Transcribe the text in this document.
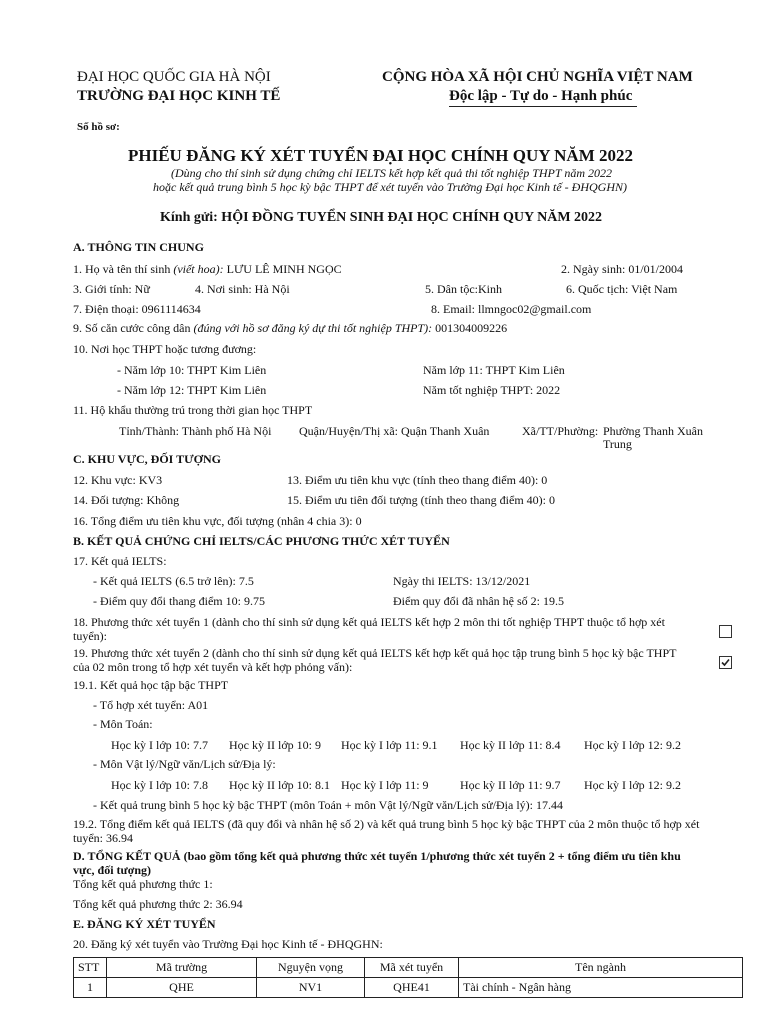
ĐẠI HỌC QUỐC GIA HÀ NỘI
TRƯỜNG ĐẠI HỌC KINH TẾ
CỘNG HÒA XÃ HỘI CHỦ NGHĨA VIỆT NAM
Độc lập - Tự do - Hạnh phúc
Số hồ sơ:
PHIẾU ĐĂNG KÝ XÉT TUYỂN ĐẠI HỌC CHÍNH QUY NĂM 2022
(Dùng cho thí sinh sử dụng chứng chỉ IELTS kết hợp kết quả thi tốt nghiệp THPT năm 2022
hoặc kết quả trung bình 5 học kỳ bậc THPT để xét tuyển vào Trường Đại học Kinh tế - ĐHQGHN)
Kính gửi: HỘI ĐỒNG TUYỂN SINH ĐẠI HỌC CHÍNH QUY NĂM 2022
A. THÔNG TIN CHUNG
1. Họ và tên thí sinh (viết hoa): LƯU LÊ MINH NGỌC	2. Ngày sinh: 01/01/2004
3. Giới tính: Nữ	4. Nơi sinh: Hà Nội	5. Dân tộc:Kinh	6. Quốc tịch: Việt Nam
7. Điện thoại: 0961114634	8. Email: llmngoc02@gmail.com
9. Số căn cước công dân (đúng với hồ sơ đăng ký dự thi tốt nghiệp THPT): 001304009226
10. Nơi học THPT hoặc tương đương:
- Năm lớp 10: THPT Kim Liên	Năm lớp 11: THPT Kim Liên
- Năm lớp 12: THPT Kim Liên	Năm tốt nghiệp THPT: 2022
11. Hộ khẩu thường trú trong thời gian học THPT
Tỉnh/Thành: Thành phố Hà Nội Quận/Huyện/Thị xã: Quận Thanh Xuân	Xã/TT/Phường: Phường Thanh Xuân
Trung
C. KHU VỰC, ĐỐI TƯỢNG
12. Khu vực: KV3	13. Điểm ưu tiên khu vực (tính theo thang điểm 40): 0
14. Đối tượng: Không	15. Điểm ưu tiên đối tượng (tính theo thang điểm 40): 0
16. Tổng điểm ưu tiên khu vực, đối tượng (nhân 4 chia 3): 0
B. KẾT QUẢ CHỨNG CHỈ IELTS/CÁC PHƯƠNG THỨC XÉT TUYỂN
17. Kết quả IELTS:
- Kết quả IELTS (6.5 trở lên): 7.5	Ngày thi IELTS: 13/12/2021
- Điểm quy đổi thang điểm 10: 9.75	Điểm quy đổi đã nhân hệ số 2: 19.5
18. Phương thức xét tuyển 1 (dành cho thí sinh sử dụng kết quả IELTS kết hợp 2 môn thi tốt nghiệp THPT thuộc tổ hợp xét
tuyển):
19. Phương thức xét tuyển 2 (dành cho thí sinh sử dụng kết quả IELTS kết hợp kết quả học tập trung bình 5 học kỳ bậc THPT
của 02 môn trong tổ hợp xét tuyển và kết hợp phỏng vấn):
19.1. Kết quả học tập bậc THPT
- Tổ hợp xét tuyển: A01
- Môn Toán:
Học kỳ I lớp 10: 7.7 Học kỳ II lớp 10: 9 Học kỳ I lớp 11: 9.1 Học kỳ II lớp 11: 8.4 Học kỳ I lớp 12: 9.2
- Môn Vật lý/Ngữ văn/Lịch sử/Địa lý:
Học kỳ I lớp 10: 7.8 Học kỳ II lớp 10: 8.1 Học kỳ I lớp 11: 9	Học kỳ II lớp 11: 9.7 Học kỳ I lớp 12: 9.2
- Kết quả trung bình 5 học kỳ bậc THPT (môn Toán + môn Vật lý/Ngữ văn/Lịch sử/Địa lý): 17.44
19.2. Tổng điểm kết quả IELTS (đã quy đổi và nhân hệ số 2) và kết quả trung bình 5 học kỳ bậc THPT của 2 môn thuộc tổ hợp xét
tuyển: 36.94
D. TỔNG KẾT QUẢ (bao gồm tổng kết quả phương thức xét tuyển 1/phương thức xét tuyển 2 + tổng điểm ưu tiên khu
vực, đối tượng)
Tổng kết quả phương thức 1:
Tổng kết quả phương thức 2: 36.94
E. ĐĂNG KÝ XÉT TUYỂN
20. Đăng ký xét tuyển vào Trường Đại học Kinh tế - ĐHQGHN:
STT	Mã trường	Nguyện vọng	Mã xét tuyển	Tên ngành
1	QHE	NV1	QHE41	Tài chính - Ngân hàng
